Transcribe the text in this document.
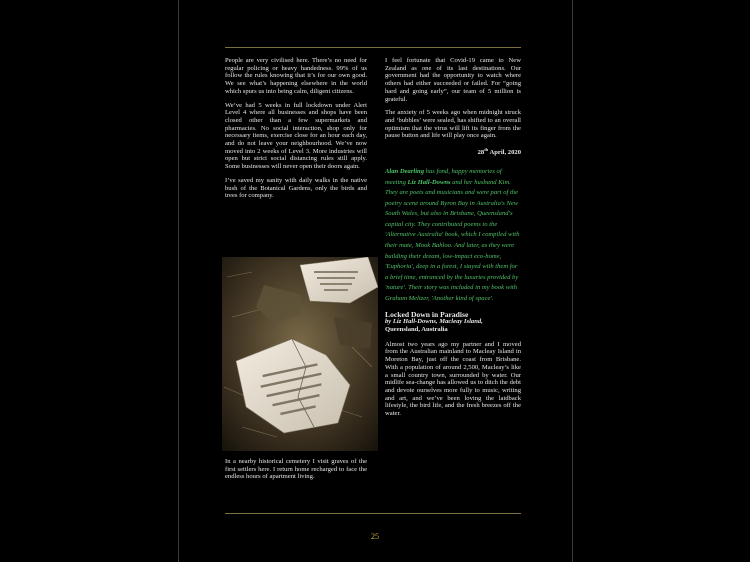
People are very civilised here. There’s no need for regular policing or heavy handedness. 99% of us follow the rules knowing that it’s for our own good. We see what’s happening elsewhere in the world which spurs us into being calm, diligent citizens.

We’ve had 5 weeks in full lockdown under Alert Level 4 where all businesses and shops have been closed other than a few supermarkets and pharmacies. No social interaction, shop only for necessary items, exercise close for an hour each day, and do not leave your neighbourhood. We’ve now moved into 2 weeks of Level 3. More industries will open but strict social distancing rules still apply. Some businesses will never open their doors again.

I’ve saved my sanity with daily walks in the native bush of the Botanical Gardens, only the birds and trees for company.

In a nearby historical cemetery I visit graves of the first settlers here. I return home recharged to face the endless hours of apartment living.

I feel fortunate that Covid-19 came to New Zealand as one of its last destinations. Our government had the opportunity to watch where others had either succeeded or failed. For “going hard and going early”, our team of 5 million is grateful.

The anxiety of 5 weeks ago when midnight struck and ‘bubbles’ were sealed, has shifted to an overall optimism that the virus will lift its finger from the pause button and life will play once again.

28th April, 2020

Alan Dearling has fond, happy memories of meeting Liz Hall-Downs and her husband Kim. They are poets and musicians and were part of the poetry scene around Byron Bay in Australia's New South Wales, but also in Brisbane, Queensland's capital city. They contributed poems to the 'Alternative Australia' book, which I compiled with their mate, Mook Bahloo. And later, as they were building their dream, low-impact eco-home, 'Euphoria', deep in a forest, I stayed with them for a brief time, entranced by the luxuries provided by 'nature'. Their story was included in my book with Graham Meltzer, 'Another kind of space'.

Locked Down in Paradise

by Liz Hall-Downs, Macleay Island,

Queensland, Australia

Almost two years ago my partner and I moved from the Australian mainland to Macleay Island in Moreton Bay, just off the coast from Brisbane. With a population of around 2,500, Macleay’s like a small country town, surrounded by water. Our midlife sea-change has allowed us to ditch the debt and devote ourselves more fully to music, writing and art, and we’ve been loving the laidback lifestyle, the bird life, and the fresh breezes off the water.

25
